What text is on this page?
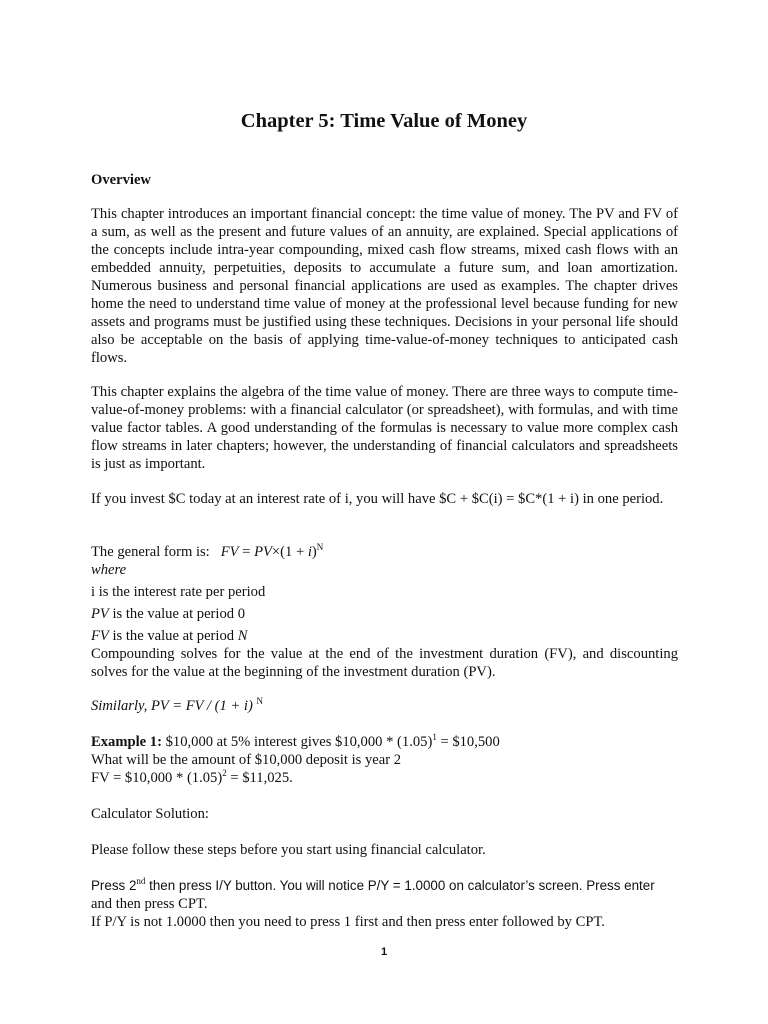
Chapter 5: Time Value of Money
Overview
This chapter introduces an important financial concept: the time value of money. The PV and FV of a sum, as well as the present and future values of an annuity, are explained. Special applications of the concepts include intra-year compounding, mixed cash flow streams, mixed cash flows with an embedded annuity, perpetuities, deposits to accumulate a future sum, and loan amortization. Numerous business and personal financial applications are used as examples. The chapter drives home the need to understand time value of money at the professional level because funding for new assets and programs must be justified using these techniques. Decisions in your personal life should also be acceptable on the basis of applying time-value-of-money techniques to anticipated cash flows.
This chapter explains the algebra of the time value of money. There are three ways to compute time-value-of-money problems: with a financial calculator (or spreadsheet), with formulas, and with time value factor tables. A good understanding of the formulas is necessary to value more complex cash flow streams in later chapters; however, the understanding of financial calculators and spreadsheets is just as important.
If you invest $C today at an interest rate of i, you will have $C + $C(i) = $C*(1 + i) in one period.
The general form is: FV = $PV\times(1 + i)^N$
where
i is the interest rate per period
PV is the value at period 0
FV is the value at period N
Compounding solves for the value at the end of the investment duration (FV), and discounting solves for the value at the beginning of the investment duration (PV).
Similarly, PV = FV / (1 + i) $^N$
Example 1: $10,000 at 5% interest gives $10,000 * $(1.05)^1$ = $10,500
What will be the amount of $10,000 deposit is year 2
FV = $10,000 * $(1.05)^2$ = $11,025.
Calculator Solution:
Please follow these steps before you start using financial calculator.
Press 2nd then press I/Y button. You will notice P/Y = 1.0000 on calculator’s screen. Press enter
and then press CPT.
If P/Y is not 1.0000 then you need to press 1 first and then press enter followed by CPT.
1
